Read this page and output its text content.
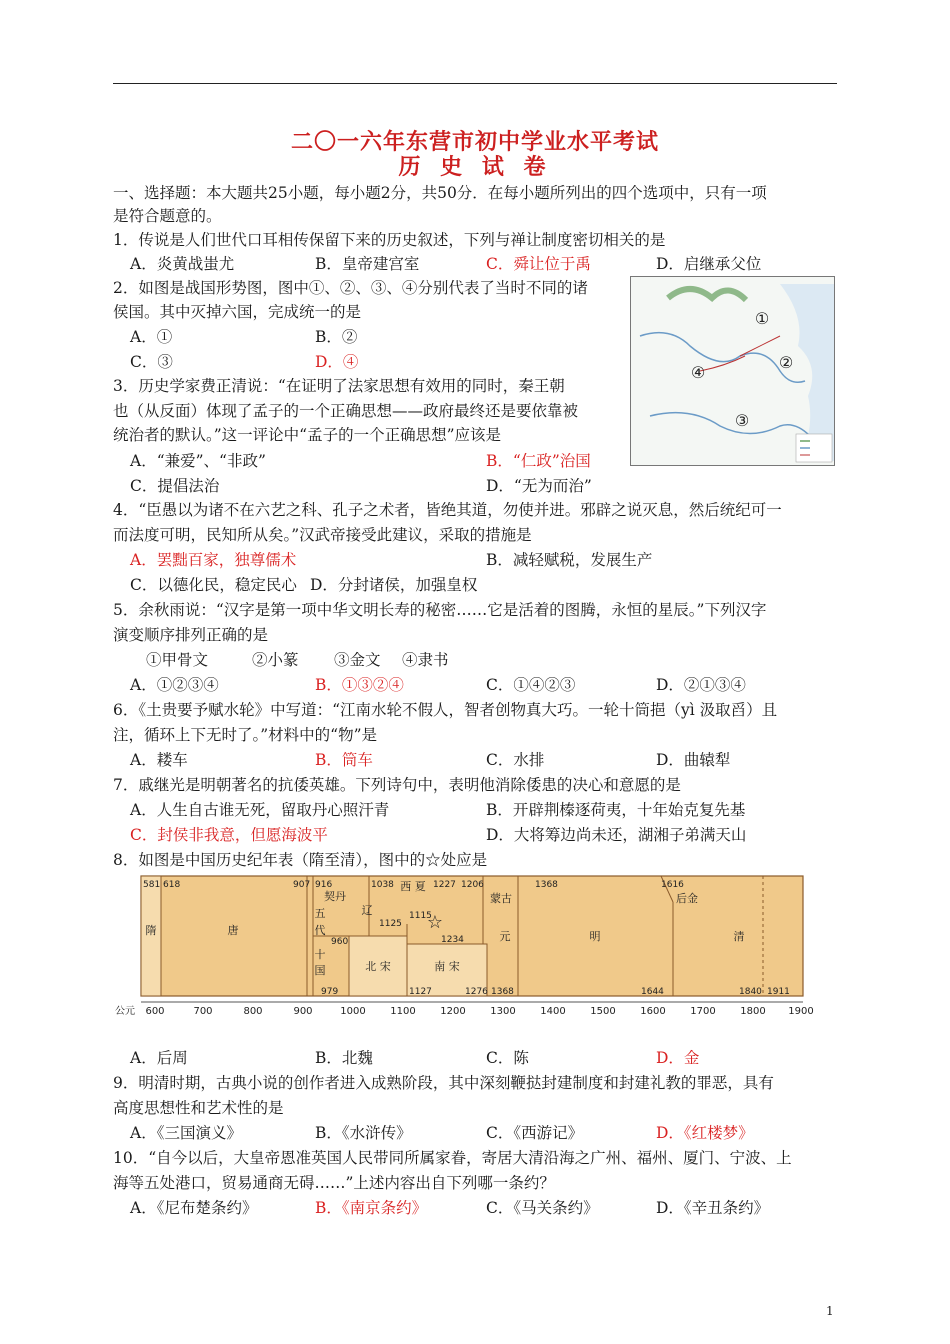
二〇一六年东营市初中学业水平考试
历 史 试 卷
一、选择题：本大题共25小题，每小题2分，共50分．在每小题所列出的四个选项中，只有一项
是符合题意的。
1．传说是人们世代口耳相传保留下来的历史叙述，下列与禅让制度密切相关的是
A．炎黄战蚩尤	B．皇帝建宫室	C．舜让位于禹	D．启继承父位
2．如图是战国形势图，图中①、②、③、④分别代表了当时不同的诸
侯国。其中灭掉六国，完成统一的是
A．①	B．②
C．③	D．④
3．历史学家费正清说：“在证明了法家思想有效用的同时，秦王朝
也（从反面）体现了孟子的一个正确思想——政府最终还是要依靠被
统治者的默认。”这一评论中“孟子的一个正确思想”应该是
A．“兼爱”、“非政”	B．“仁政”治国
C．提倡法治	D．“无为而治”
4．“臣愚以为诸不在六艺之科、孔子之术者，皆绝其道，勿使并进。邪辟之说灭息，然后统纪可一
而法度可明，民知所从矣。”汉武帝接受此建议，采取的措施是
A．罢黜百家，独尊儒术	B．减轻赋税，发展生产
C．以德化民，稳定民心 D．分封诸侯，加强皇权
5．余秋雨说：“汉字是第一项中华文明长寿的秘密……它是活着的图腾，永恒的星辰。”下列汉字
演变顺序排列正确的是
①甲骨文	②小篆 ③金文 ④隶书
A．①②③④	B．①③②④	C．①④②③	D．②①③④
6．《土贵要予赋水轮》中写道：“江南水轮不假人，智者创物真大巧。一轮十筒挹（yì 汲取舀）且
注，循环上下无时了。”材料中的“物”是
A．耧车	B．筒车	C．水排	D．曲辕犁
7．戚继光是明朝著名的抗倭英雄。下列诗句中，表明他消除倭患的决心和意愿的是
A．人生自古谁无死，留取丹心照汗青	B．开辟荆榛逐荷夷，十年始克复先基
C．封侯非我意，但愿海波平	D．大将筹边尚未还，湖湘子弟满天山
8．如图是中国历史纪年表（隋至清），图中的☆处应是
公元 600	700	800	900	1000 1100 1200 1300 1400 1500 1600 1700 1800 1900
隋	唐
五
代
十
国
契丹
辽
北 宋
西 夏
蒙古
南 宋
元	明
后金
清
581 618	907 916	1038	1227 1206	1368	1616
960
1125
1115
1234
979	1127	1276 1368	1644	1840 1911
☆
A．后周	B．北魏	C．陈	D．金
9．明清时期，古典小说的创作者进入成熟阶段，其中深刻鞭挞封建制度和封建礼教的罪恶，具有
高度思想性和艺术性的是
A．《三国演义》	B．《水浒传》	C．《西游记》	D．《红楼梦》
10．“自今以后，大皇帝恩准英国人民带同所属家眷，寄居大清沿海之广州、福州、厦门、宁波、上
海等五处港口，贸易通商无碍……”上述内容出自下列哪一条约？
A．《尼布楚条约》	B．《南京条约》	C．《马关条约》	D．《辛丑条约》
①
②
③
④
1
